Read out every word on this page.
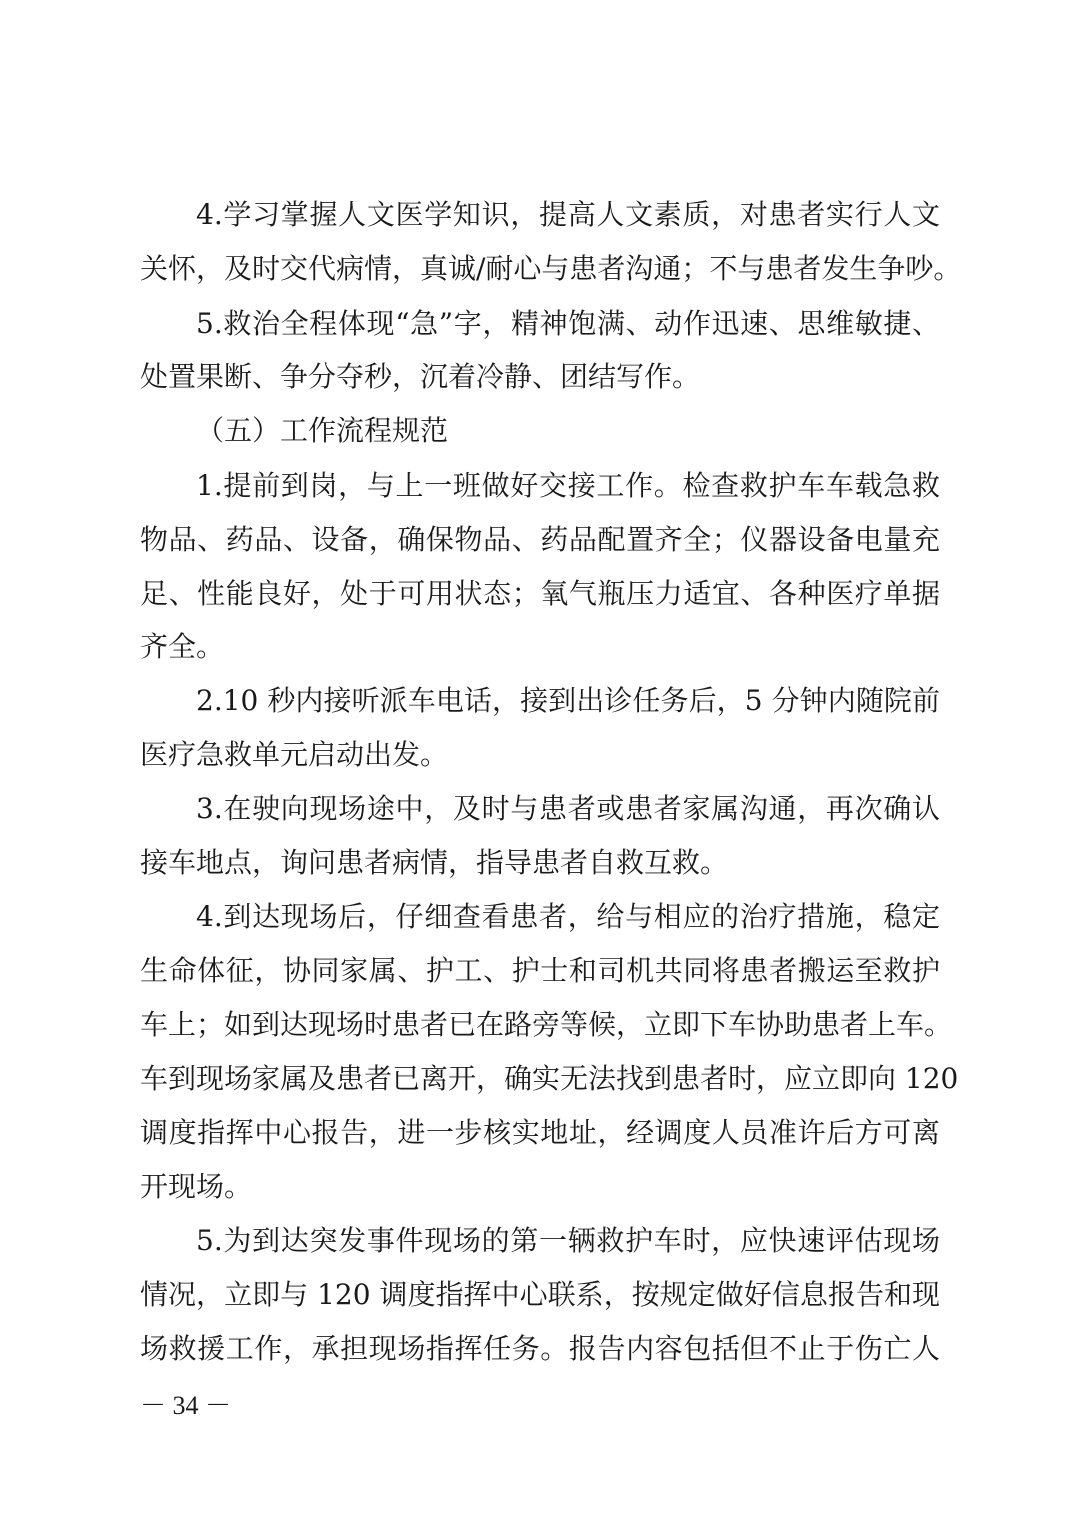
4.学习掌握人文医学知识，提高人文素质，对患者实行人文
关怀，及时交代病情，真诚/耐心与患者沟通；不与患者发生争吵。
5.救治全程体现“急”字，精神饱满、动作迅速、思维敏捷、
处置果断、争分夺秒，沉着冷静、团结写作。
（五）工作流程规范
1.提前到岗，与上一班做好交接工作。检查救护车车载急救
物品、药品、设备，确保物品、药品配置齐全；仪器设备电量充
足、性能良好，处于可用状态；氧气瓶压力适宜、各种医疗单据
齐全。
2.10 秒内接听派车电话，接到出诊任务后，5 分钟内随院前
医疗急救单元启动出发。
3.在驶向现场途中，及时与患者或患者家属沟通，再次确认
接车地点，询问患者病情，指导患者自救互救。
4.到达现场后，仔细查看患者，给与相应的治疗措施，稳定
生命体征，协同家属、护工、护士和司机共同将患者搬运至救护
车上；如到达现场时患者已在路旁等候，立即下车协助患者上车。
车到现场家属及患者已离开，确实无法找到患者时，应立即向 120
调度指挥中心报告，进一步核实地址，经调度人员准许后方可离
开现场。
5.为到达突发事件现场的第一辆救护车时，应快速评估现场
情况，立即与 120 调度指挥中心联系，按规定做好信息报告和现
场救援工作，承担现场指挥任务。报告内容包括但不止于伤亡人
－ 34 －
